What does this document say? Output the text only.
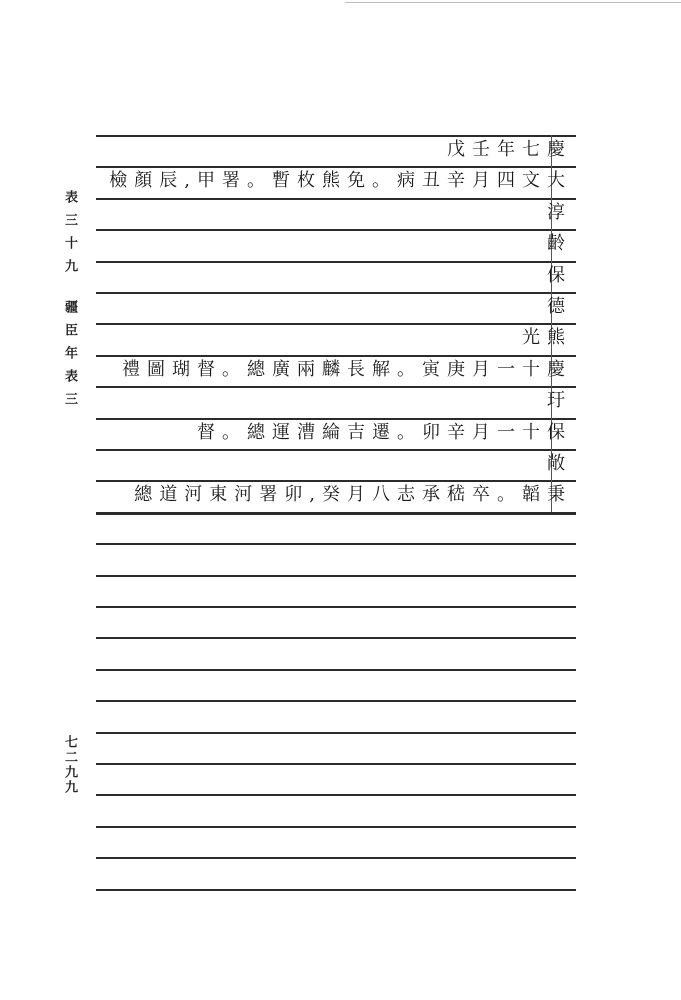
表三十九
疆臣年表三
七二九九
戊壬年七慶
檢顏辰,甲署。暫枚熊免。病丑辛月四文大
淳
齡
保
德
光熊
禮圖瑚督。總廣兩麟長解。寅庚月一十慶
玗
督。總運漕綸吉遷。卯辛月一十保
敞
總道河東河署卯,癸月八志承嵇卒。韜秉
